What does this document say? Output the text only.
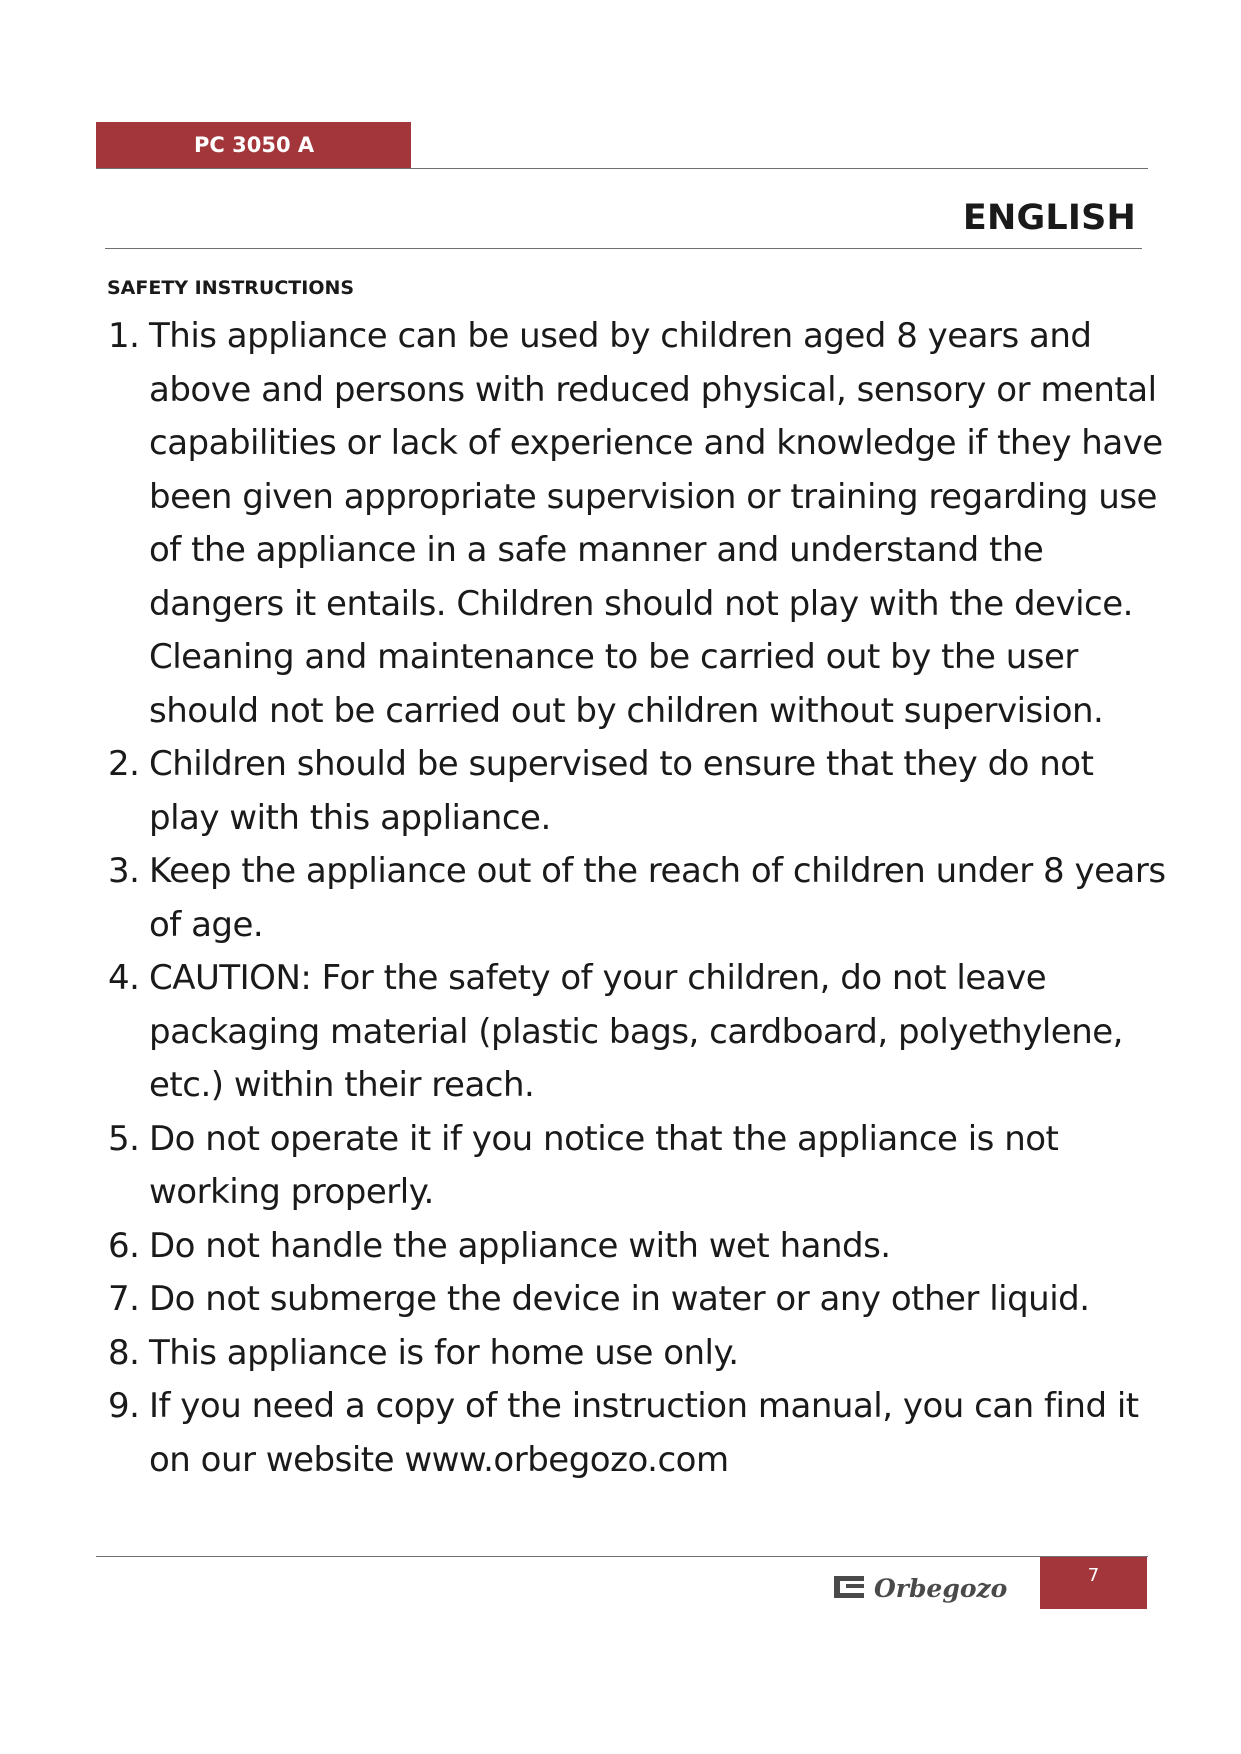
PC 3050 A
ENGLISH
SAFETY INSTRUCTIONS
1. This appliance can be used by children aged 8 years and above and persons with reduced physical, sensory or mental capabilities or lack of experience and knowledge if they have been given appropriate supervision or training regarding use of the appliance in a safe manner and understand the dangers it entails. Children should not play with the device. Cleaning and maintenance to be carried out by the user should not be carried out by children without supervision.
2. Children should be supervised to ensure that they do not play with this appliance.
3. Keep the appliance out of the reach of children under 8 years of age.
4. CAUTION: For the safety of your children, do not leave packaging material (plastic bags, cardboard, polyethylene, etc.) within their reach.
5. Do not operate it if you notice that the appliance is not working properly.
6. Do not handle the appliance with wet hands.
7. Do not submerge the device in water or any other liquid.
8. This appliance is for home use only.
9. If you need a copy of the instruction manual, you can find it on our website www.orbegozo.com
Orbegozo	7
